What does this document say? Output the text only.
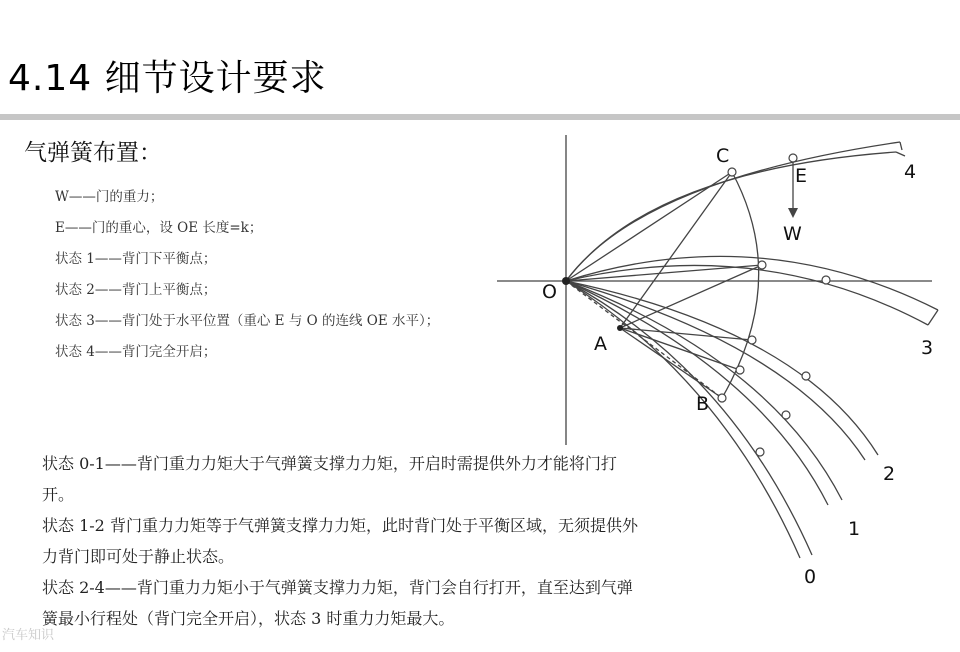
4.14 细节设计要求
气弹簧布置：
W——门的重力；
E——门的重心，设 OE 长度=k；
状态 1——背门下平衡点；
状态 2——背门上平衡点；
状态 3——背门处于水平位置（重心 E 与 O 的连线 OE 水平）；
状态 4——背门完全开启；

状态 0-1——背门重力力矩大于气弹簧支撑力力矩，开启时需提供外力才能将门打开。

状态 1-2 背门重力力矩等于气弹簧支撑力力矩，此时背门处于平衡区域，无须提供外力背门即可处于静止状态。

状态 2-4——背门重力力矩小于气弹簧支撑力力矩，背门会自行打开，直至达到气弹簧最小行程处（背门完全开启），状态 3 时重力力矩最大。

C
E
W
O
A
B
4
3
2
1
0
汽车知识
